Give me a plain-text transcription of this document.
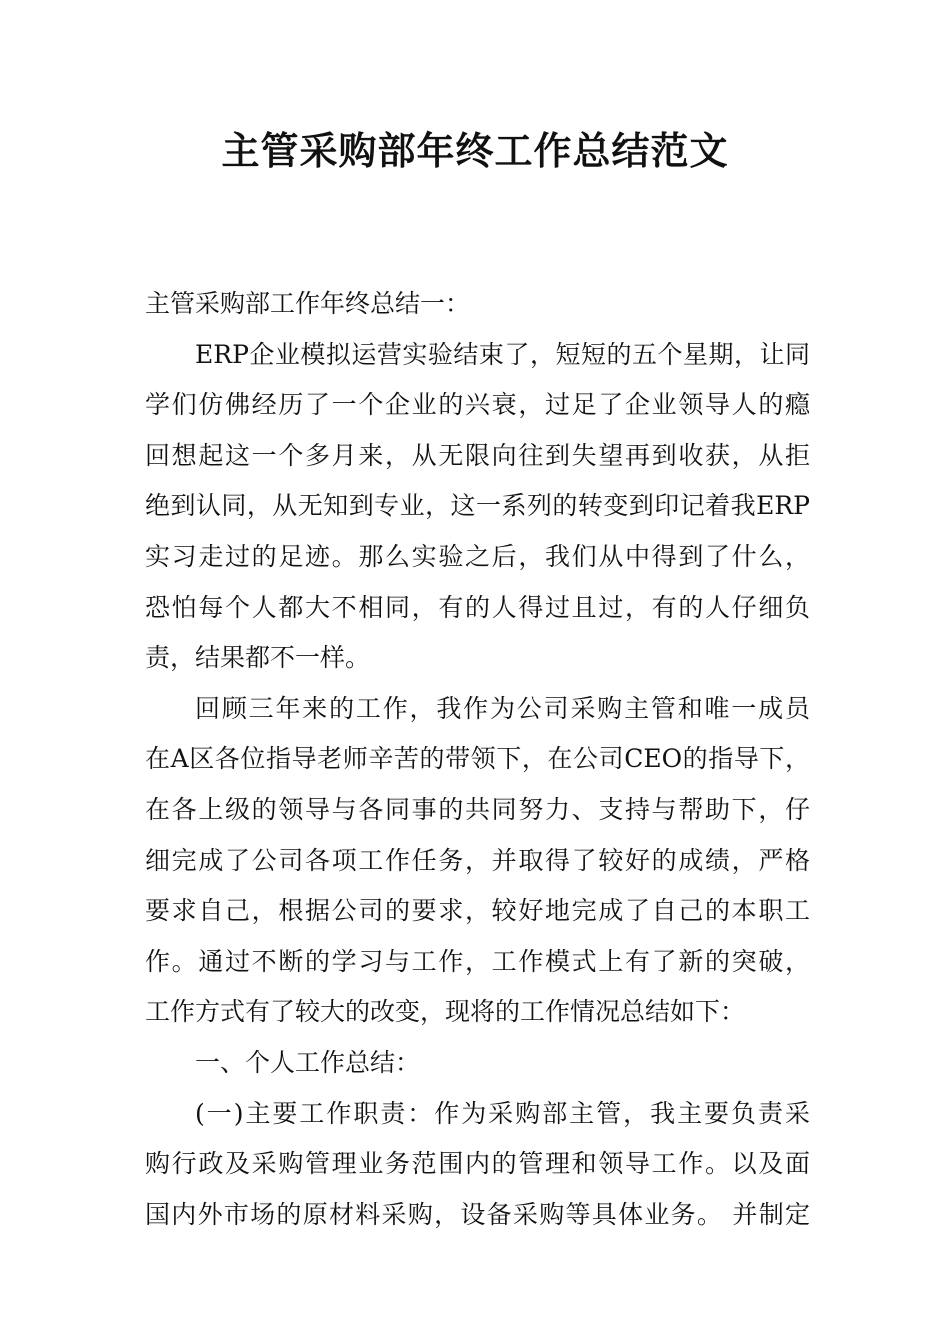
主管采购部年终工作总结范文
主管采购部工作年终总结一：
ERP企业模拟运营实验结束了，短短的五个星期，让同
学们仿佛经历了一个企业的兴衰，过足了企业领导人的瘾
回想起这一个多月来，从无限向往到失望再到收获，从拒
绝到认同，从无知到专业，这一系列的转变到印记着我ERP
实习走过的足迹。那么实验之后，我们从中得到了什么，
恐怕每个人都大不相同，有的人得过且过，有的人仔细负
责，结果都不一样。
回顾三年来的工作，我作为公司采购主管和唯一成员
在A区各位指导老师辛苦的带领下，在公司CEO的指导下，
在各上级的领导与各同事的共同努力、支持与帮助下，仔
细完成了公司各项工作任务，并取得了较好的成绩，严格
要求自己，根据公司的要求，较好地完成了自己的本职工
作。通过不断的学习与工作，工作模式上有了新的突破，
工作方式有了较大的改变，现将的工作情况总结如下：
一、个人工作总结：
(一)主要工作职责：作为采购部主管，我主要负责采
购行政及采购管理业务范围内的管理和领导工作。以及面
国内外市场的原材料采购，设备采购等具体业务。 并制定
